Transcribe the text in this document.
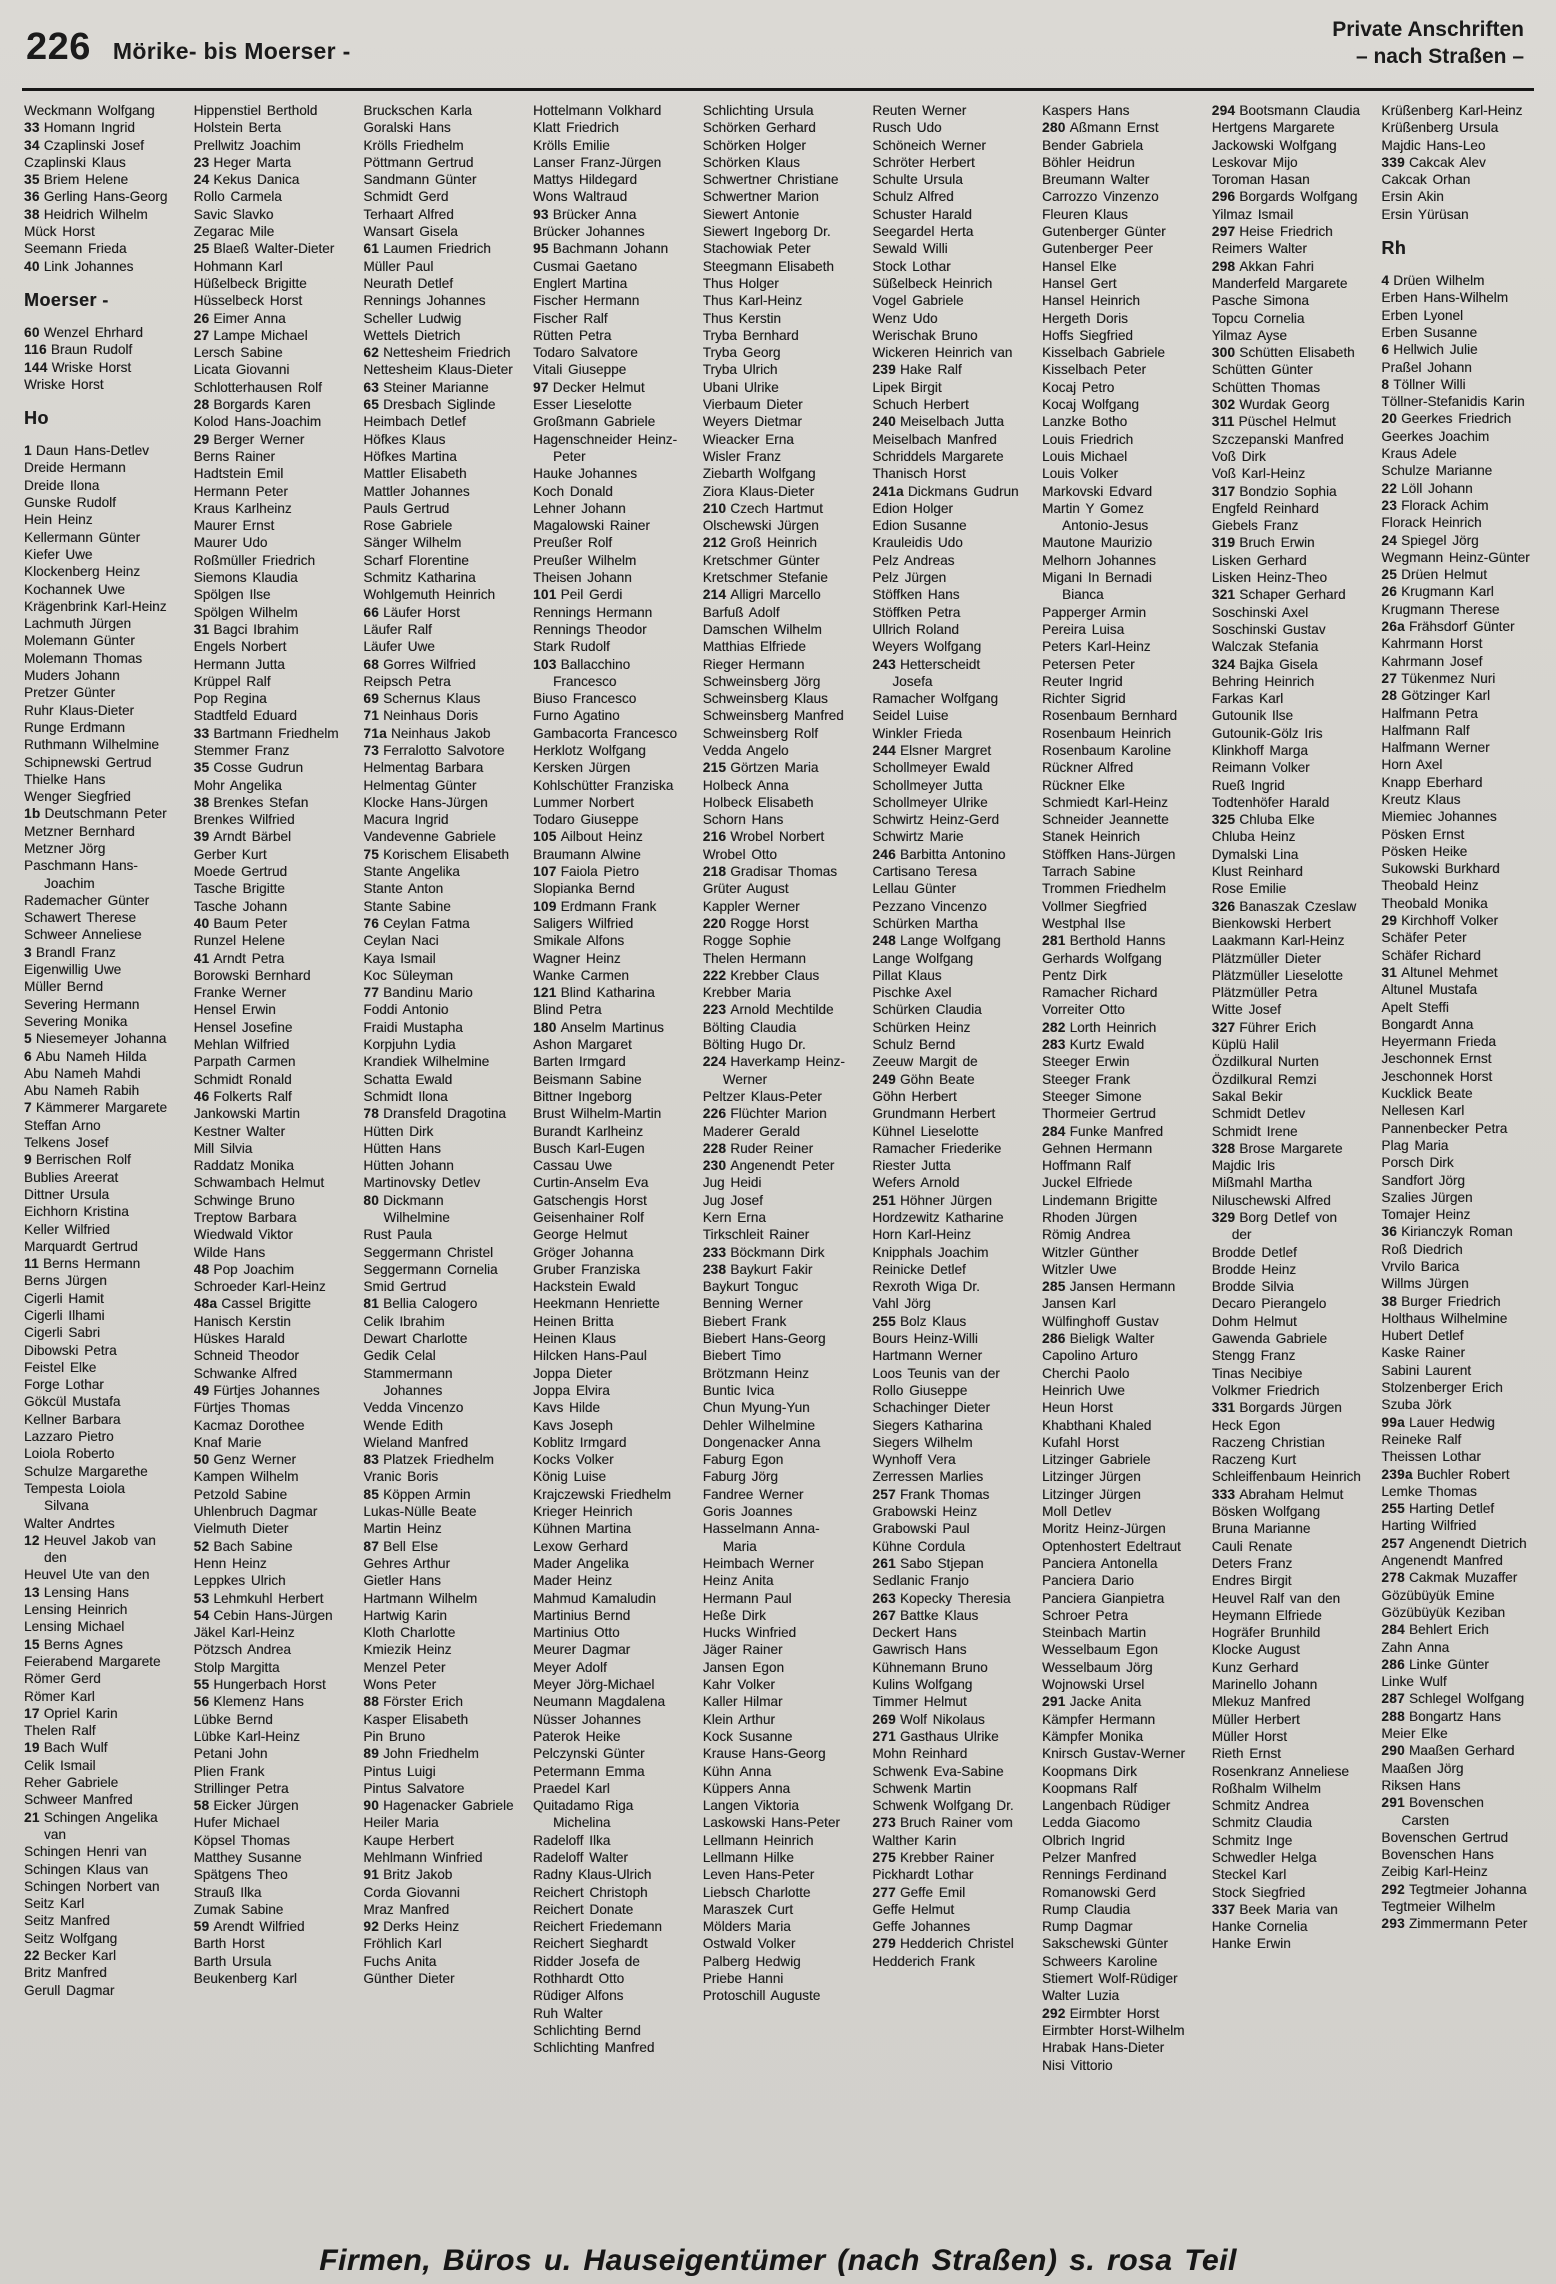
226 Mörike- bis Moerser -
Private Anschriften
– nach Straßen –
Weckmann Wolfgang
33 Homann Ingrid
34 Czaplinski Josef
Czaplinski Klaus
35 Briem Helene
36 Gerling Hans-Georg
38 Heidrich Wilhelm
Mück Horst
Seemann Frieda
40 Link Johannes
Moerser -
60 Wenzel Ehrhard
116 Braun Rudolf
144 Wriske Horst
Wriske Horst
Ho
1 Daun Hans-Detlev
Dreide Hermann
Dreide Ilona
Gunske Rudolf
Hein Heinz
Kellermann Günter
Kiefer Uwe
Klockenberg Heinz
Kochannek Uwe
Krägenbrink Karl-Heinz
Lachmuth Jürgen
Molemann Günter
Molemann Thomas
Muders Johann
Pretzer Günter
Ruhr Klaus-Dieter
Runge Erdmann
Ruthmann Wilhelmine
Schipnewski Gertrud
Thielke Hans
Wenger Siegfried
1b Deutschmann Peter
Metzner Bernhard
Metzner Jörg
Paschmann Hans-Joachim
Rademacher Günter
Schawert Therese
Schweer Anneliese
3 Brandl Franz
Eigenwillig Uwe
Müller Bernd
Severing Hermann
Severing Monika
5 Niesemeyer Johanna
6 Abu Nameh Hilda
Abu Nameh Mahdi
Abu Nameh Rabih
7 Kämmerer Margarete
Steffan Arno
Telkens Josef
9 Berrischen Rolf
Bublies Areerat
Dittner Ursula
Eichhorn Kristina
Keller Wilfried
Marquardt Gertrud
11 Berns Hermann
Berns Jürgen
Cigerli Hamit
Cigerli Ilhami
Cigerli Sabri
Dibowski Petra
Feistel Elke
Forge Lothar
Gökcül Mustafa
Kellner Barbara
Lazzaro Pietro
Loiola Roberto
Schulze Margarethe
Tempesta Loiola Silvana
Walter Andrtes
12 Heuvel Jakob van den
Heuvel Ute van den
13 Lensing Hans
Lensing Heinrich
Lensing Michael
15 Berns Agnes
Feierabend Margarete
Römer Gerd
Römer Karl
17 Opriel Karin
Thelen Ralf
19 Bach Wulf
Celik Ismail
Reher Gabriele
Schweer Manfred
21 Schingen Angelika van
Schingen Henri van
Schingen Klaus van
Schingen Norbert van
Seitz Karl
Seitz Manfred
Seitz Wolfgang
22 Becker Karl
Britz Manfred
Gerull Dagmar
Hippenstiel Berthold
Holstein Berta
Prellwitz Joachim
23 Heger Marta
24 Kekus Danica
Rollo Carmela
Savic Slavko
Zegarac Mile
25 Blaeß Walter-Dieter
Hohmann Karl
Hüßelbeck Brigitte
Hüsselbeck Horst
26 Eimer Anna
27 Lampe Michael
Lersch Sabine
Licata Giovanni
Schlotterhausen Rolf
28 Borgards Karen
Kolod Hans-Joachim
29 Berger Werner
Berns Rainer
Hadtstein Emil
Hermann Peter
Kraus Karlheinz
Maurer Ernst
Maurer Udo
Roßmüller Friedrich
Siemons Klaudia
Spölgen Ilse
Spölgen Wilhelm
31 Bagci Ibrahim
Engels Norbert
Hermann Jutta
Krüppel Ralf
Pop Regina
Stadtfeld Eduard
33 Bartmann Friedhelm
Stemmer Franz
35 Cosse Gudrun
Mohr Angelika
38 Brenkes Stefan
Brenkes Wilfried
39 Arndt Bärbel
Gerber Kurt
Moede Gertrud
Tasche Brigitte
Tasche Johann
40 Baum Peter
Runzel Helene
41 Arndt Petra
Borowski Bernhard
Franke Werner
Hensel Erwin
Hensel Josefine
Mehlan Wilfried
Parpath Carmen
Schmidt Ronald
46 Folkerts Ralf
Jankowski Martin
Kestner Walter
Mill Silvia
Raddatz Monika
Schwambach Helmut
Schwinge Bruno
Treptow Barbara
Wiedwald Viktor
Wilde Hans
48 Pop Joachim
Schroeder Karl-Heinz
48a Cassel Brigitte
Hanisch Kerstin
Hüskes Harald
Schneid Theodor
Schwanke Alfred
49 Fürtjes Johannes
Fürtjes Thomas
Kacmaz Dorothee
Knaf Marie
50 Genz Werner
Kampen Wilhelm
Petzold Sabine
Uhlenbruch Dagmar
Vielmuth Dieter
52 Bach Sabine
Henn Heinz
Leppkes Ulrich
53 Lehmkuhl Herbert
54 Cebin Hans-Jürgen
Jäkel Karl-Heinz
Pötzsch Andrea
Stolp Margitta
55 Hungerbach Horst
56 Klemenz Hans
Lübke Bernd
Lübke Karl-Heinz
Petani John
Plien Frank
Strillinger Petra
58 Eicker Jürgen
Hufer Michael
Köpsel Thomas
Matthey Susanne
Spätgens Theo
Strauß Ilka
Zumak Sabine
59 Arendt Wilfried
Barth Horst
Barth Ursula
Beukenberg Karl
Bruckschen Karla
Goralski Hans
Krölls Friedhelm
Pöttmann Gertrud
Sandmann Günter
Schmidt Gerd
Terhaart Alfred
Wansart Gisela
61 Laumen Friedrich
Müller Paul
Neurath Detlef
Rennings Johannes
Scheller Ludwig
Wettels Dietrich
62 Nettesheim Friedrich
Nettesheim Klaus-Dieter
63 Steiner Marianne
65 Dresbach Siglinde
Heimbach Detlef
Höfkes Klaus
Höfkes Martina
Mattler Elisabeth
Mattler Johannes
Pauls Gertrud
Rose Gabriele
Sänger Wilhelm
Scharf Florentine
Schmitz Katharina
Wohlgemuth Heinrich
66 Läufer Horst
Läufer Ralf
Läufer Uwe
68 Gorres Wilfried
Reipsch Petra
69 Schernus Klaus
71 Neinhaus Doris
71a Neinhaus Jakob
73 Ferralotto Salvotore
Helmentag Barbara
Helmentag Günter
Klocke Hans-Jürgen
Macura Ingrid
Vandevenne Gabriele
75 Korischem Elisabeth
Stante Angelika
Stante Anton
Stante Sabine
76 Ceylan Fatma
Ceylan Naci
Kaya Ismail
Koc Süleyman
77 Bandinu Mario
Foddi Antonio
Fraidi Mustapha
Korpjuhn Lydia
Krandiek Wilhelmine
Schatta Ewald
Schmidt Ilona
78 Dransfeld Dragotina
Hütten Dirk
Hütten Hans
Hütten Johann
Martinovsky Detlev
80 Dickmann Wilhelmine
Rust Paula
Seggermann Christel
Seggermann Cornelia
Smid Gertrud
81 Bellia Calogero
Celik Ibrahim
Dewart Charlotte
Gedik Celal
Stammermann Johannes
Vedda Vincenzo
Wende Edith
Wieland Manfred
83 Platzek Friedhelm
Vranic Boris
85 Köppen Armin
Lukas-Nülle Beate
Martin Heinz
87 Bell Else
Gehres Arthur
Gietler Hans
Hartmann Wilhelm
Hartwig Karin
Kloth Charlotte
Kmiezik Heinz
Menzel Peter
Wons Peter
88 Förster Erich
Kasper Elisabeth
Pin Bruno
89 John Friedhelm
Pintus Luigi
Pintus Salvatore
90 Hagenacker Gabriele
Heiler Maria
Kaupe Herbert
Mehlmann Winfried
91 Britz Jakob
Corda Giovanni
Mraz Manfred
92 Derks Heinz
Fröhlich Karl
Fuchs Anita
Günther Dieter
Hottelmann Volkhard
Klatt Friedrich
Krölls Emilie
Lanser Franz-Jürgen
Mattys Hildegard
Wons Waltraud
93 Brücker Anna
Brücker Johannes
95 Bachmann Johann
Cusmai Gaetano
Englert Martina
Fischer Hermann
Fischer Ralf
Rütten Petra
Todaro Salvatore
Vitali Giuseppe
97 Decker Helmut
Esser Lieselotte
Großmann Gabriele
Hagenschneider Heinz-Peter
Hauke Johannes
Koch Donald
Lehner Johann
Magalowski Rainer
Preußer Rolf
Preußer Wilhelm
Theisen Johann
101 Peil Gerdi
Rennings Hermann
Rennings Theodor
Stark Rudolf
103 Ballacchino Francesco
Biuso Francesco
Furno Agatino
Gambacorta Francesco
Herklotz Wolfgang
Kersken Jürgen
Kohlschütter Franziska
Lummer Norbert
Todaro Giuseppe
105 Ailbout Heinz
Braumann Alwine
107 Faiola Pietro
Slopianka Bernd
109 Erdmann Frank
Saligers Wilfried
Smikale Alfons
Wagner Heinz
Wanke Carmen
121 Blind Katharina
Blind Petra
180 Anselm Martinus
Ashon Margaret
Barten Irmgard
Beismann Sabine
Bittner Ingeborg
Brust Wilhelm-Martin
Burandt Karlheinz
Busch Karl-Eugen
Cassau Uwe
Curtin-Anselm Eva
Gatschengis Horst
Geisenhainer Rolf
George Helmut
Gröger Johanna
Gruber Franziska
Hackstein Ewald
Heekmann Henriette
Heinen Britta
Heinen Klaus
Hilcken Hans-Paul
Joppa Dieter
Joppa Elvira
Kavs Hilde
Kavs Joseph
Koblitz Irmgard
Kocks Volker
König Luise
Krajczewski Friedhelm
Krieger Heinrich
Kühnen Martina
Lexow Gerhard
Mader Angelika
Mader Heinz
Mahmud Kamaludin
Martinius Bernd
Martinius Otto
Meurer Dagmar
Meyer Adolf
Meyer Jörg-Michael
Neumann Magdalena
Nüsser Johannes
Paterok Heike
Pelczynski Günter
Petermann Emma
Praedel Karl
Quitadamo Riga Michelina
Radeloff Ilka
Radeloff Walter
Radny Klaus-Ulrich
Reichert Christoph
Reichert Donate
Reichert Friedemann
Reichert Sieghardt
Ridder Josefa de
Rothhardt Otto
Rüdiger Alfons
Ruh Walter
Schlichting Bernd
Schlichting Manfred
Schlichting Ursula
Schörken Gerhard
Schörken Holger
Schörken Klaus
Schwertner Christiane
Schwertner Marion
Siewert Antonie
Siewert Ingeborg Dr.
Stachowiak Peter
Steegmann Elisabeth
Thus Holger
Thus Karl-Heinz
Thus Kerstin
Tryba Bernhard
Tryba Georg
Tryba Ulrich
Ubani Ulrike
Vierbaum Dieter
Weyers Dietmar
Wieacker Erna
Wisler Franz
Ziebarth Wolfgang
Ziora Klaus-Dieter
210 Czech Hartmut
Olschewski Jürgen
212 Groß Heinrich
Kretschmer Günter
Kretschmer Stefanie
214 Alligri Marcello
Barfuß Adolf
Damschen Wilhelm
Matthias Elfriede
Rieger Hermann
Schweinsberg Jörg
Schweinsberg Klaus
Schweinsberg Manfred
Schweinsberg Rolf
Vedda Angelo
215 Görtzen Maria
Holbeck Anna
Holbeck Elisabeth
Schorn Hans
216 Wrobel Norbert
Wrobel Otto
218 Gradisar Thomas
Grüter August
Kappler Werner
220 Rogge Horst
Rogge Sophie
Thelen Hermann
222 Krebber Claus
Krebber Maria
223 Arnold Mechtilde
Bölting Claudia
Bölting Hugo Dr.
224 Haverkamp Heinz-Werner
Peltzer Klaus-Peter
226 Flüchter Marion
Maderer Gerald
228 Ruder Reiner
230 Angenendt Peter
Jug Heidi
Jug Josef
Kern Erna
Tirkschleit Rainer
233 Böckmann Dirk
238 Baykurt Fakir
Baykurt Tonguc
Benning Werner
Biebert Frank
Biebert Hans-Georg
Biebert Timo
Brötzmann Heinz
Buntic Ivica
Chun Myung-Yun
Dehler Wilhelmine
Dongenacker Anna
Faburg Egon
Faburg Jörg
Fandree Werner
Goris Joannes
Hasselmann Anna-Maria
Heimbach Werner
Heinz Anita
Hermann Paul
Heße Dirk
Hucks Winfried
Jäger Rainer
Jansen Egon
Kahr Volker
Kaller Hilmar
Klein Arthur
Kock Susanne
Krause Hans-Georg
Kühn Anna
Küppers Anna
Langen Viktoria
Laskowski Hans-Peter
Lellmann Heinrich
Lellmann Hilke
Leven Hans-Peter
Liebsch Charlotte
Maraszek Curt
Mölders Maria
Ostwald Volker
Palberg Hedwig
Priebe Hanni
Protoschill Auguste
Reuten Werner
Rusch Udo
Schöneich Werner
Schröter Herbert
Schulte Ursula
Schulz Alfred
Schuster Harald
Seegardel Herta
Sewald Willi
Stock Lothar
Süßelbeck Heinrich
Vogel Gabriele
Wenz Udo
Werischak Bruno
Wickeren Heinrich van
239 Hake Ralf
Lipek Birgit
Schuch Herbert
240 Meiselbach Jutta
Meiselbach Manfred
Schriddels Margarete
Thanisch Horst
241a Dickmans Gudrun
Edion Holger
Edion Susanne
Krauleidis Udo
Pelz Andreas
Pelz Jürgen
Stöffken Hans
Stöffken Petra
Ullrich Roland
Weyers Wolfgang
243 Hetterscheidt Josefa
Ramacher Wolfgang
Seidel Luise
Winkler Frieda
244 Elsner Margret
Schollmeyer Ewald
Schollmeyer Jutta
Schollmeyer Ulrike
Schwirtz Heinz-Gerd
Schwirtz Marie
246 Barbitta Antonino
Cartisano Teresa
Lellau Günter
Pezzano Vincenzo
Schürken Martha
248 Lange Wolfgang
Lange Wolfgang
Pillat Klaus
Pischke Axel
Schürken Claudia
Schürken Heinz
Schulz Bernd
Zeeuw Margit de
249 Göhn Beate
Göhn Herbert
Grundmann Herbert
Kühnel Lieselotte
Ramacher Friederike
Riester Jutta
Wefers Arnold
251 Höhner Jürgen
Hordzewitz Katharine
Horn Karl-Heinz
Knipphals Joachim
Reinicke Detlef
Rexroth Wiga Dr.
Vahl Jörg
255 Bolz Klaus
Bours Heinz-Willi
Hartmann Werner
Loos Teunis van der
Rollo Giuseppe
Schachinger Dieter
Siegers Katharina
Siegers Wilhelm
Wynhoff Vera
Zerressen Marlies
257 Frank Thomas
Grabowski Heinz
Grabowski Paul
Kühne Cordula
261 Sabo Stjepan
Sedlanic Franjo
263 Kopecky Theresia
267 Battke Klaus
Deckert Hans
Gawrisch Hans
Kühnemann Bruno
Kulins Wolfgang
Timmer Helmut
269 Wolf Nikolaus
271 Gasthaus Ulrike
Mohn Reinhard
Schwenk Eva-Sabine
Schwenk Martin
Schwenk Wolfgang Dr.
273 Bruch Rainer vom
Walther Karin
275 Krebber Rainer
Pickhardt Lothar
277 Geffe Emil
Geffe Helmut
Geffe Johannes
279 Hedderich Christel
Hedderich Frank
Kaspers Hans
280 Aßmann Ernst
Bender Gabriela
Böhler Heidrun
Breumann Walter
Carrozzo Vinzenzo
Fleuren Klaus
Gutenberger Günter
Gutenberger Peer
Hansel Elke
Hansel Gert
Hansel Heinrich
Hergeth Doris
Hoffs Siegfried
Kisselbach Gabriele
Kisselbach Peter
Kocaj Petro
Kocaj Wolfgang
Lanzke Botho
Louis Friedrich
Louis Michael
Louis Volker
Markovski Edvard
Martin Y Gomez Antonio-Jesus
Mautone Maurizio
Melhorn Johannes
Migani In Bernadi Bianca
Papperger Armin
Pereira Luisa
Peters Karl-Heinz
Petersen Peter
Reuter Ingrid
Richter Sigrid
Rosenbaum Bernhard
Rosenbaum Heinrich
Rosenbaum Karoline
Rückner Alfred
Rückner Elke
Schmiedt Karl-Heinz
Schneider Jeannette
Stanek Heinrich
Stöffken Hans-Jürgen
Tarrach Sabine
Trommen Friedhelm
Vollmer Siegfried
Westphal Ilse
281 Berthold Hanns
Gerhards Wolfgang
Pentz Dirk
Ramacher Richard
Vorreiter Otto
282 Lorth Heinrich
283 Kurtz Ewald
Steeger Erwin
Steeger Frank
Steeger Simone
Thormeier Gertrud
284 Funke Manfred
Gehnen Hermann
Hoffmann Ralf
Juckel Elfriede
Lindemann Brigitte
Rhoden Jürgen
Römig Andrea
Witzler Günther
Witzler Uwe
285 Jansen Hermann
Jansen Karl
Wülfinghoff Gustav
286 Bieligk Walter
Capolino Arturo
Cherchi Paolo
Heinrich Uwe
Heun Horst
Khabthani Khaled
Kufahl Horst
Litzinger Gabriele
Litzinger Jürgen
Litzinger Jürgen
Moll Detlev
Moritz Heinz-Jürgen
Optenhostert Edeltraut
Panciera Antonella
Panciera Dario
Panciera Gianpietra
Schroer Petra
Steinbach Martin
Wesselbaum Egon
Wesselbaum Jörg
Wojnowski Ursel
291 Jacke Anita
Kämpfer Hermann
Kämpfer Monika
Knirsch Gustav-Werner
Koopmans Dirk
Koopmans Ralf
Langenbach Rüdiger
Ledda Giacomo
Olbrich Ingrid
Pelzer Manfred
Rennings Ferdinand
Romanowski Gerd
Rump Claudia
Rump Dagmar
Sakschewski Günter
Schweers Karoline
Stiemert Wolf-Rüdiger
Walter Luzia
292 Eirmbter Horst
Eirmbter Horst-Wilhelm
Hrabak Hans-Dieter
Nisi Vittorio
294 Bootsmann Claudia
Hertgens Margarete
Jackowski Wolfgang
Leskovar Mijo
Toroman Hasan
296 Borgards Wolfgang
Yilmaz Ismail
297 Heise Friedrich
Reimers Walter
298 Akkan Fahri
Manderfeld Margarete
Pasche Simona
Topcu Cornelia
Yilmaz Ayse
300 Schütten Elisabeth
Schütten Günter
Schütten Thomas
302 Wurdak Georg
311 Püschel Helmut
Szczepanski Manfred
Voß Dirk
Voß Karl-Heinz
317 Bondzio Sophia
Engfeld Reinhard
Giebels Franz
319 Bruch Erwin
Lisken Gerhard
Lisken Heinz-Theo
321 Schaper Gerhard
Soschinski Axel
Soschinski Gustav
Walczak Stefania
324 Bajka Gisela
Behring Heinrich
Farkas Karl
Gutounik Ilse
Gutounik-Gölz Iris
Klinkhoff Marga
Reimann Volker
Rueß Ingrid
Todtenhöfer Harald
325 Chluba Elke
Chluba Heinz
Dymalski Lina
Klust Reinhard
Rose Emilie
326 Banaszak Czeslaw
Bienkowski Herbert
Laakmann Karl-Heinz
Plätzmüller Dieter
Plätzmüller Lieselotte
Plätzmüller Petra
Witte Josef
327 Führer Erich
Küplü Halil
Özdilkural Nurten
Özdilkural Remzi
Sakal Bekir
Schmidt Detlev
Schmidt Irene
328 Brose Margarete
Majdic Iris
Mißmahl Martha
Niluschewski Alfred
329 Borg Detlef von der
Brodde Detlef
Brodde Heinz
Brodde Silvia
Decaro Pierangelo
Dohm Helmut
Gawenda Gabriele
Stengg Franz
Tinas Necibiye
Volkmer Friedrich
331 Borgards Jürgen
Heck Egon
Raczeng Christian
Raczeng Kurt
Schleiffenbaum Heinrich
333 Abraham Helmut
Bösken Wolfgang
Bruna Marianne
Cauli Renate
Deters Franz
Endres Birgit
Heuvel Ralf van den
Heymann Elfriede
Hogräfer Brunhild
Klocke August
Kunz Gerhard
Marinello Johann
Mlekuz Manfred
Müller Herbert
Müller Horst
Rieth Ernst
Rosenkranz Anneliese
Roßhalm Wilhelm
Schmitz Andrea
Schmitz Claudia
Schmitz Inge
Schwedler Helga
Steckel Karl
Stock Siegfried
337 Beek Maria van
Hanke Cornelia
Hanke Erwin
Krüßenberg Karl-Heinz
Krüßenberg Ursula
Majdic Hans-Leo
339 Cakcak Alev
Cakcak Orhan
Ersin Akin
Ersin Yürüsan
Rh
4 Drüen Wilhelm
Erben Hans-Wilhelm
Erben Lyonel
Erben Susanne
6 Hellwich Julie
Praßel Johann
8 Töllner Willi
Töllner-Stefanidis Karin
20 Geerkes Friedrich
Geerkes Joachim
Kraus Adele
Schulze Marianne
22 Löll Johann
23 Florack Achim
Florack Heinrich
24 Spiegel Jörg
Wegmann Heinz-Günter
25 Drüen Helmut
26 Krugmann Karl
Krugmann Therese
26a Frähsdorf Günter
Kahrmann Horst
Kahrmann Josef
27 Tükenmez Nuri
28 Götzinger Karl
Halfmann Petra
Halfmann Ralf
Halfmann Werner
Horn Axel
Knapp Eberhard
Kreutz Klaus
Miemiec Johannes
Pösken Ernst
Pösken Heike
Sukowski Burkhard
Theobald Heinz
Theobald Monika
29 Kirchhoff Volker
Schäfer Peter
Schäfer Richard
31 Altunel Mehmet
Altunel Mustafa
Apelt Steffi
Bongardt Anna
Heyermann Frieda
Jeschonnek Ernst
Jeschonnek Horst
Kucklick Beate
Nellesen Karl
Pannenbecker Petra
Plag Maria
Porsch Dirk
Sandfort Jörg
Szalies Jürgen
Tomajer Heinz
36 Kirianczyk Roman
Roß Diedrich
Vrvilo Barica
Willms Jürgen
38 Burger Friedrich
Holthaus Wilhelmine
Hubert Detlef
Kaske Rainer
Sabini Laurent
Stolzenberger Erich
Szuba Jörk
99a Lauer Hedwig
Reineke Ralf
Theissen Lothar
239a Buchler Robert
Lemke Thomas
255 Harting Detlef
Harting Wilfried
257 Angenendt Dietrich
Angenendt Manfred
278 Cakmak Muzaffer
Gözübüyük Emine
Gözübüyük Keziban
284 Behlert Erich
Zahn Anna
286 Linke Günter
Linke Wulf
287 Schlegel Wolfgang
288 Bongartz Hans
Meier Elke
290 Maaßen Gerhard
Maaßen Jörg
Riksen Hans
291 Bovenschen Carsten
Bovenschen Gertrud
Bovenschen Hans
Zeibig Karl-Heinz
292 Tegtmeier Johanna
Tegtmeier Wilhelm
293 Zimmermann Peter
Firmen, Büros u. Hauseigentümer (nach Straßen) s. rosa Teil
